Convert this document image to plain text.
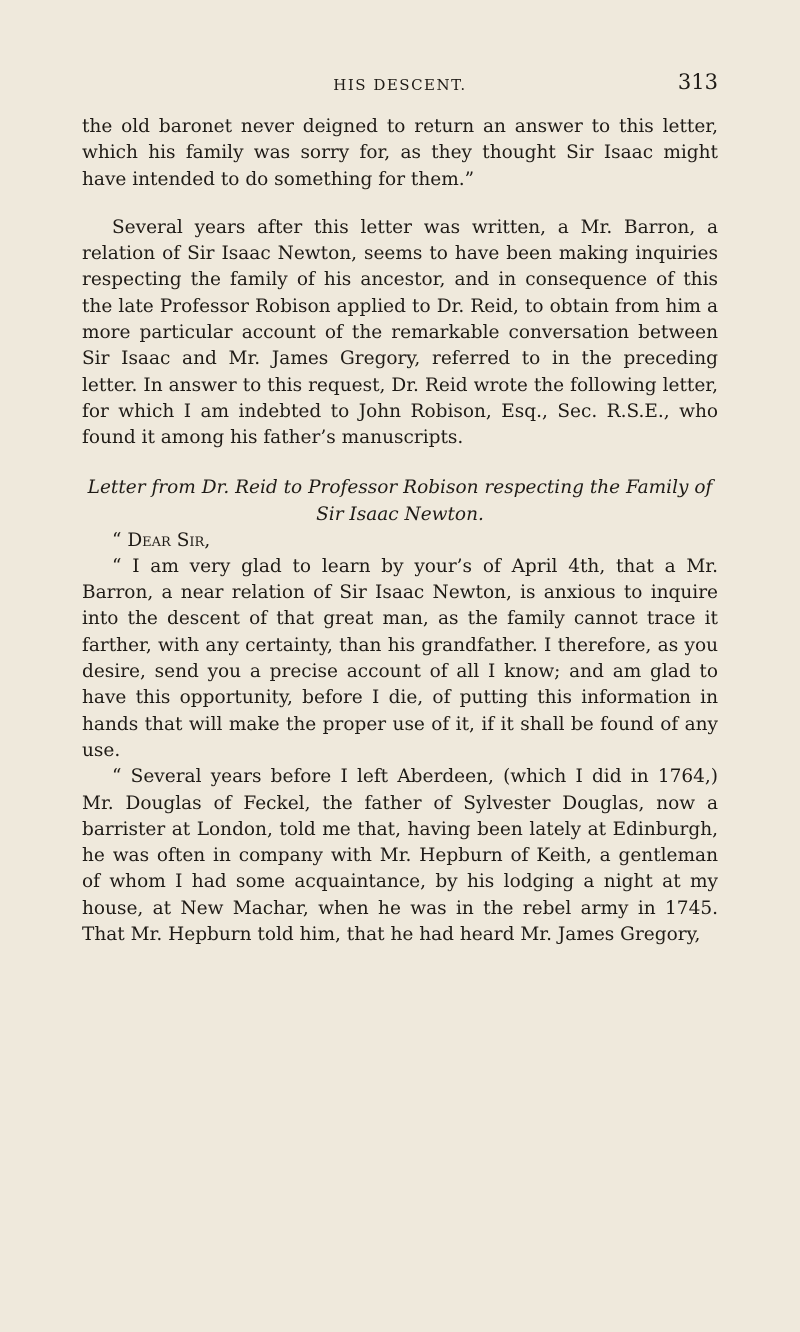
HIS DESCENT.	313

the old baronet never deigned to return an answer to this letter, which his family was sorry for, as they thought Sir Isaac might have intended to do something for them.”

Several years after this letter was written, a Mr. Barron, a relation of Sir Isaac Newton, seems to have been making inquiries respecting the family of his ancestor, and in consequence of this the late Professor Robison applied to Dr. Reid, to obtain from him a more particular account of the remarkable conversation between Sir Isaac and Mr. James Gregory, referred to in the preceding letter. In answer to this request, Dr. Reid wrote the following letter, for which I am indebted to John Robison, Esq., Sec. R.S.E., who found it among his father’s manuscripts.

Letter from Dr. Reid to Professor Robison respecting the Family of Sir Isaac Newton.

“ Dear Sir,

“ I am very glad to learn by your’s of April 4th, that a Mr. Barron, a near relation of Sir Isaac Newton, is anxious to inquire into the descent of that great man, as the family cannot trace it farther, with any certainty, than his grandfather. I therefore, as you desire, send you a precise account of all I know; and am glad to have this opportunity, before I die, of putting this information in hands that will make the proper use of it, if it shall be found of any use.

“ Several years before I left Aberdeen, (which I did in 1764,) Mr. Douglas of Feckel, the father of Sylvester Douglas, now a barrister at London, told me that, having been lately at Edinburgh, he was often in company with Mr. Hepburn of Keith, a gentleman of whom I had some acquaintance, by his lodging a night at my house, at New Machar, when he was in the rebel army in 1745. That Mr. Hepburn told him, that he had heard Mr. James Gregory,
